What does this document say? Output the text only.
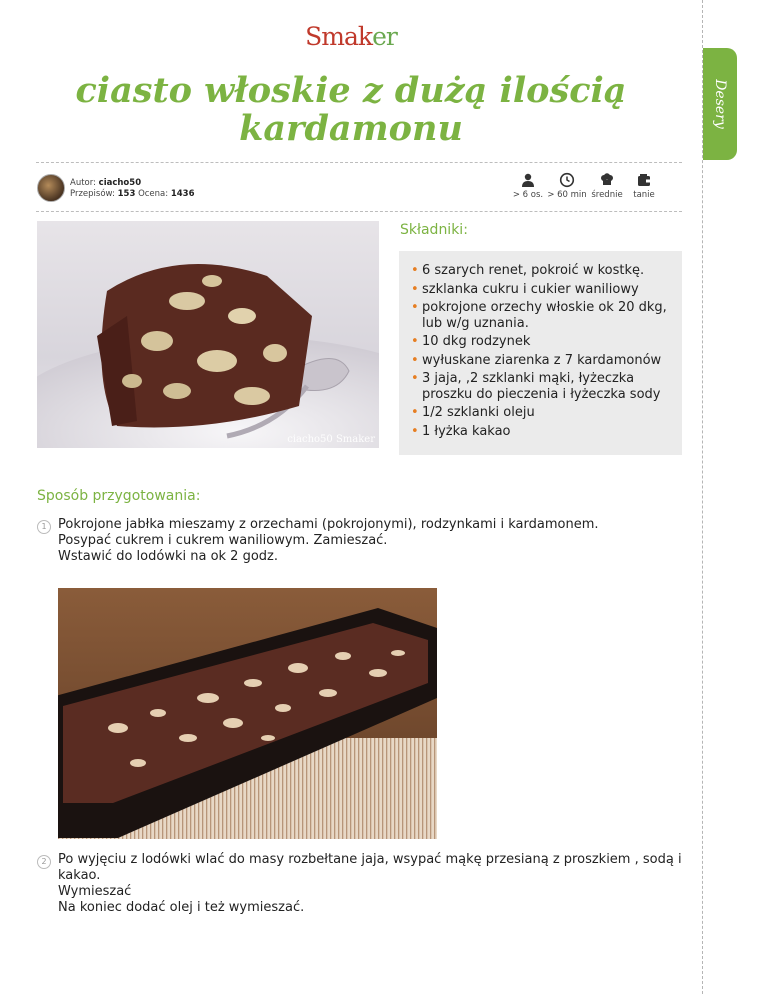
Desery
Smaker
ciasto włoskie z dużą ilością kardamonu
Autor: ciacho50
Przepisów: 153 Ocena: 1436	> 6 os. > 60 min średnie	tanie
ciacho50 Smaker
Składniki:
• 6 szarych renet, pokroić w kostkę.
• szklanka cukru i cukier waniliowy
• pokrojone orzechy włoskie ok 20 dkg, lub w/g uznania.
• 10 dkg rodzynek
• wyłuskane ziarenka z 7 kardamonów
• 3 jaja, ,2 szklanki mąki, łyżeczka proszku do pieczenia i łyżeczka sody
• 1/2 szklanki oleju
• 1 łyżka kakao
Sposób przygotowania:
1 Pokrojone jabłka mieszamy z orzechami (pokrojonymi), rodzynkami i kardamonem.
Posypać cukrem i cukrem waniliowym. Zamieszać.
Wstawić do lodówki na ok 2 godz.
2 Po wyjęciu z lodówki wlać do masy rozbełtane jaja, wsypać mąkę przesianą z proszkiem , sodą i kakao.
Wymieszać
Na koniec dodać olej i też wymieszać.
